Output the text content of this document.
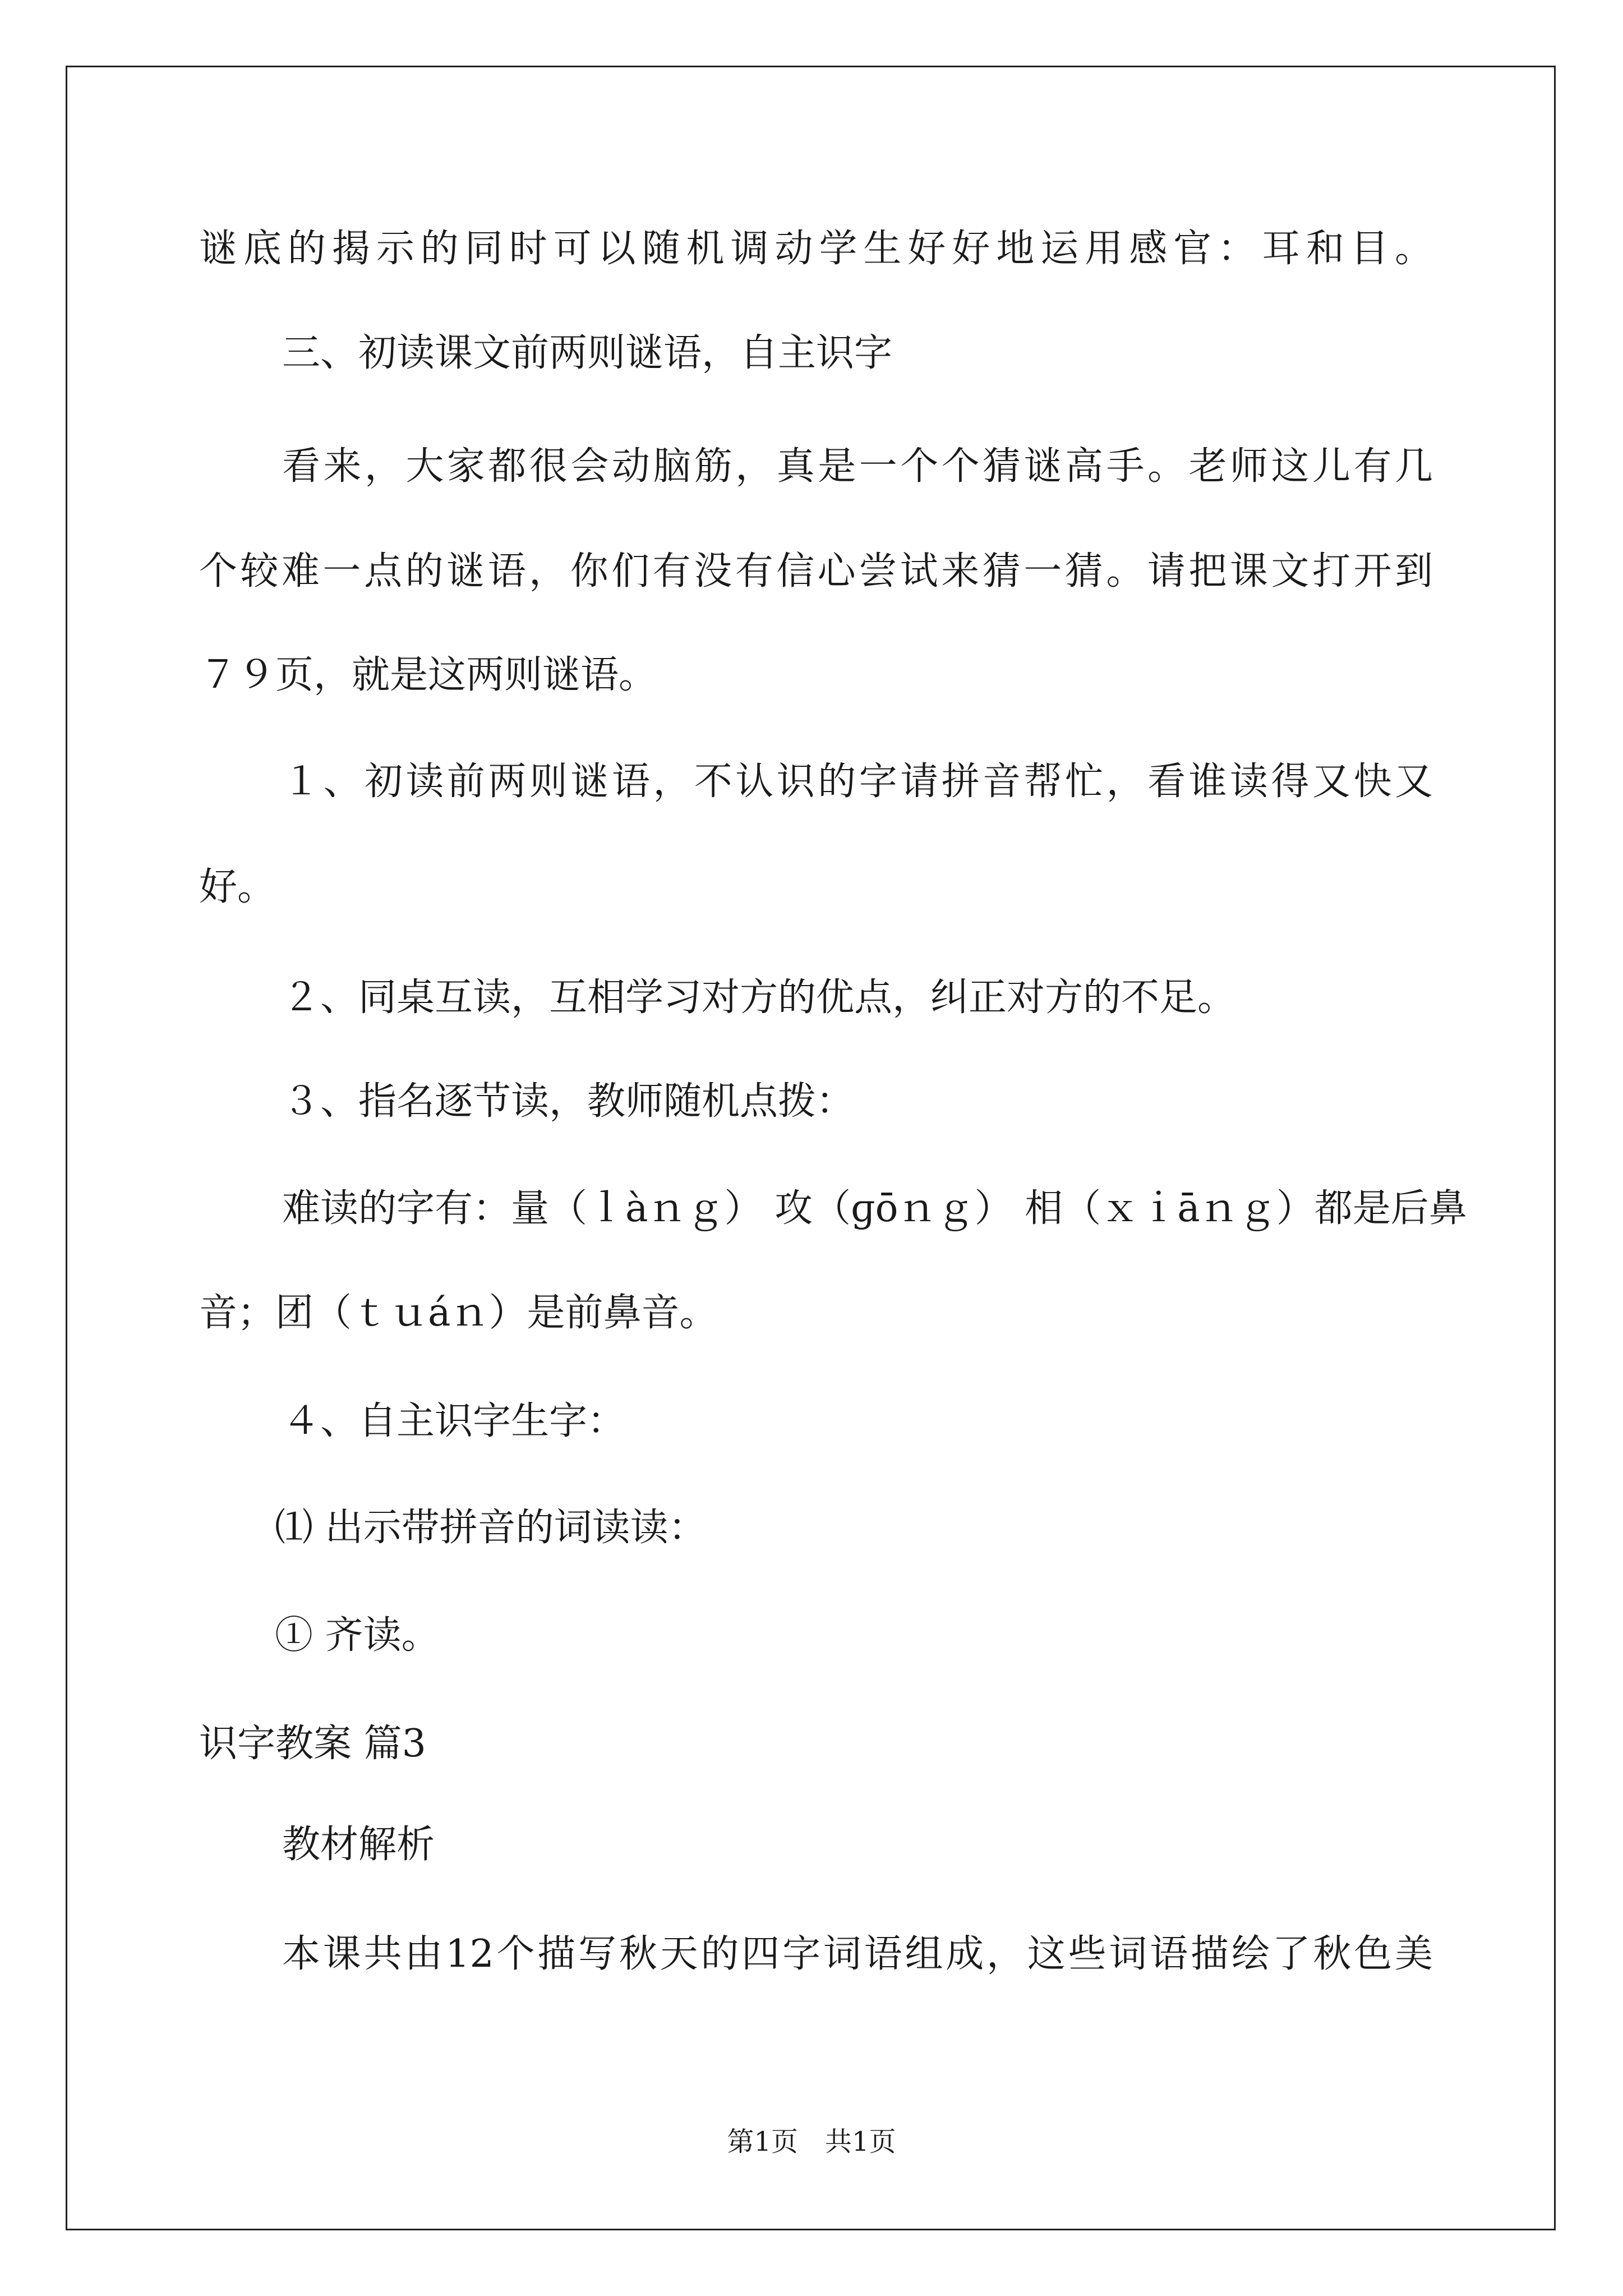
谜底的揭示的同时可以随机调动学生好好地运用感官：耳和目。
三、初读课文前两则谜语，自主识字
看来，大家都很会动脑筋，真是一个个猜谜高手。老师这儿有几
个较难一点的谜语，你们有没有信心尝试来猜一猜。请把课文打开到
７９页，就是这两则谜语。
１、初读前两则谜语，不认识的字请拼音帮忙，看谁读得又快又
好。
２、同桌互读，互相学习对方的优点，纠正对方的不足。
３、指名逐节读，教师随机点拨：
难读的字有：量（ｌàｎｇ） 攻（ɡōｎｇ） 相（ｘｉāｎｇ）都是后鼻
音；团（ｔｕáｎ）是前鼻音。
４、自主识字生字：
⑴ 出示带拼音的词读读：
① 齐读。
识字教案 篇3
教材解析
本课共由12个描写秋天的四字词语组成，这些词语描绘了秋色美
第1页　共1页
